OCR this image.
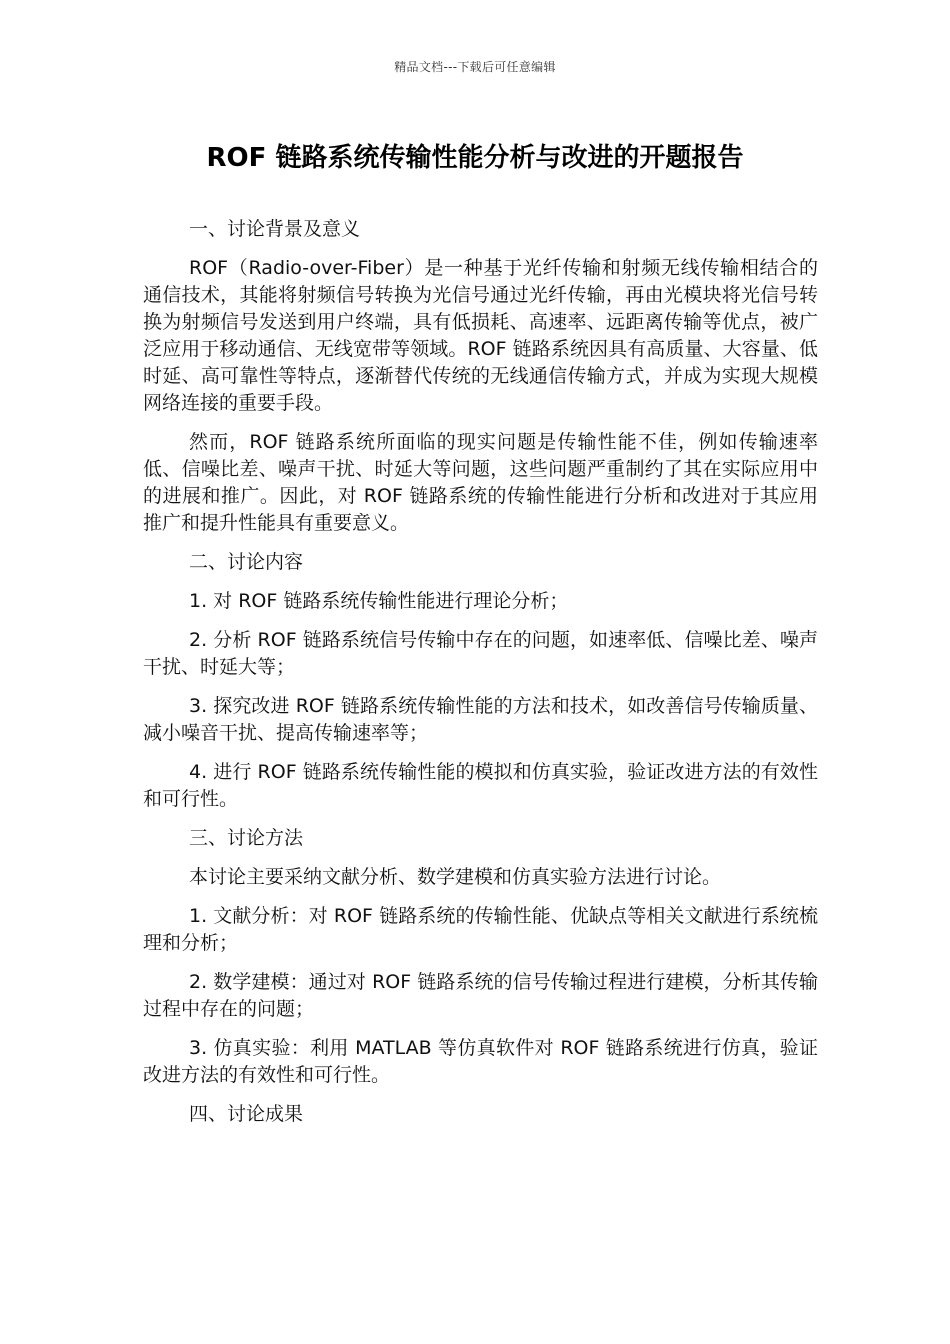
精品文档---下载后可任意编辑
ROF 链路系统传输性能分析与改进的开题报告
一、讨论背景及意义

ROF（Radio-over-Fiber）是一种基于光纤传输和射频无线传输相结合的通信技术，其能将射频信号转换为光信号通过光纤传输，再由光模块将光信号转换为射频信号发送到用户终端，具有低损耗、高速率、远距离传输等优点，被广泛应用于移动通信、无线宽带等领域。ROF 链路系统因具有高质量、大容量、低时延、高可靠性等特点，逐渐替代传统的无线通信传输方式，并成为实现大规模网络连接的重要手段。

然而，ROF 链路系统所面临的现实问题是传输性能不佳，例如传输速率低、信噪比差、噪声干扰、时延大等问题，这些问题严重制约了其在实际应用中的进展和推广。因此，对 ROF 链路系统的传输性能进行分析和改进对于其应用推广和提升性能具有重要意义。

二、讨论内容

1. 对 ROF 链路系统传输性能进行理论分析；

2. 分析 ROF 链路系统信号传输中存在的问题，如速率低、信噪比差、噪声干扰、时延大等；

3. 探究改进 ROF 链路系统传输性能的方法和技术，如改善信号传输质量、减小噪音干扰、提高传输速率等；

4. 进行 ROF 链路系统传输性能的模拟和仿真实验，验证改进方法的有效性和可行性。

三、讨论方法

本讨论主要采纳文献分析、数学建模和仿真实验方法进行讨论。

1. 文献分析：对 ROF 链路系统的传输性能、优缺点等相关文献进行系统梳理和分析；

2. 数学建模：通过对 ROF 链路系统的信号传输过程进行建模，分析其传输过程中存在的问题；

3. 仿真实验：利用 MATLAB 等仿真软件对 ROF 链路系统进行仿真，验证改进方法的有效性和可行性。

四、讨论成果
